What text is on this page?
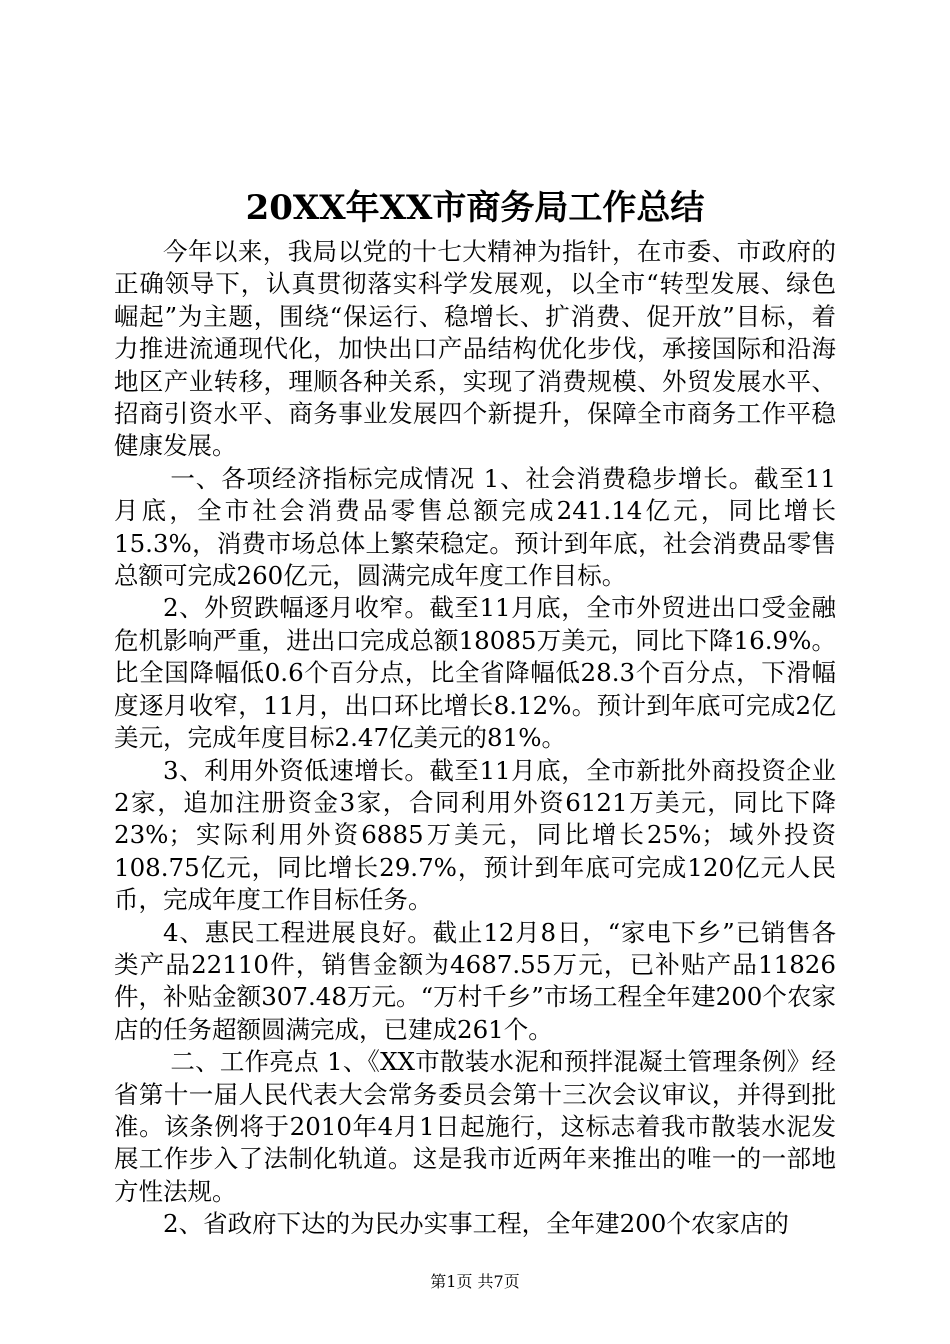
20XX年XX市商务局工作总结

今年以来，我局以党的十七大精神为指针，在市委、市政府的正确领导下，认真贯彻落实科学发展观，以全市“转型发展、绿色崛起”为主题，围绕“保运行、稳增长、扩消费、促开放”目标，着力推进流通现代化，加快出口产品结构优化步伐，承接国际和沿海地区产业转移，理顺各种关系，实现了消费规模、外贸发展水平、招商引资水平、商务事业发展四个新提升，保障全市商务工作平稳健康发展。

一、各项经济指标完成情况 1、社会消费稳步增长。截至11月底，全市社会消费品零售总额完成241.14亿元，同比增长15.3%，消费市场总体上繁荣稳定。预计到年底，社会消费品零售总额可完成260亿元，圆满完成年度工作目标。

2、外贸跌幅逐月收窄。截至11月底，全市外贸进出口受金融危机影响严重，进出口完成总额18085万美元，同比下降16.9%。比全国降幅低0.6个百分点，比全省降幅低28.3个百分点，下滑幅度逐月收窄，11月，出口环比增长8.12%。预计到年底可完成2亿美元，完成年度目标2.47亿美元的81%。

3、利用外资低速增长。截至11月底，全市新批外商投资企业2家，追加注册资金3家，合同利用外资6121万美元，同比下降23%；实际利用外资6885万美元，同比增长25%；域外投资108.75亿元，同比增长29.7%，预计到年底可完成120亿元人民币，完成年度工作目标任务。

4、惠民工程进展良好。截止12月8日，“家电下乡”已销售各类产品22110件，销售金额为4687.55万元，已补贴产品11826件，补贴金额307.48万元。“万村千乡”市场工程全年建200个农家店的任务超额圆满完成，已建成261个。

二、工作亮点 1、《XX市散装水泥和预拌混凝土管理条例》经省第十一届人民代表大会常务委员会第十三次会议审议，并得到批准。该条例将于2010年4月1日起施行，这标志着我市散装水泥发展工作步入了法制化轨道。这是我市近两年来推出的唯一的一部地方性法规。

2、省政府下达的为民办实事工程，全年建200个农家店的

第1页 共7页
